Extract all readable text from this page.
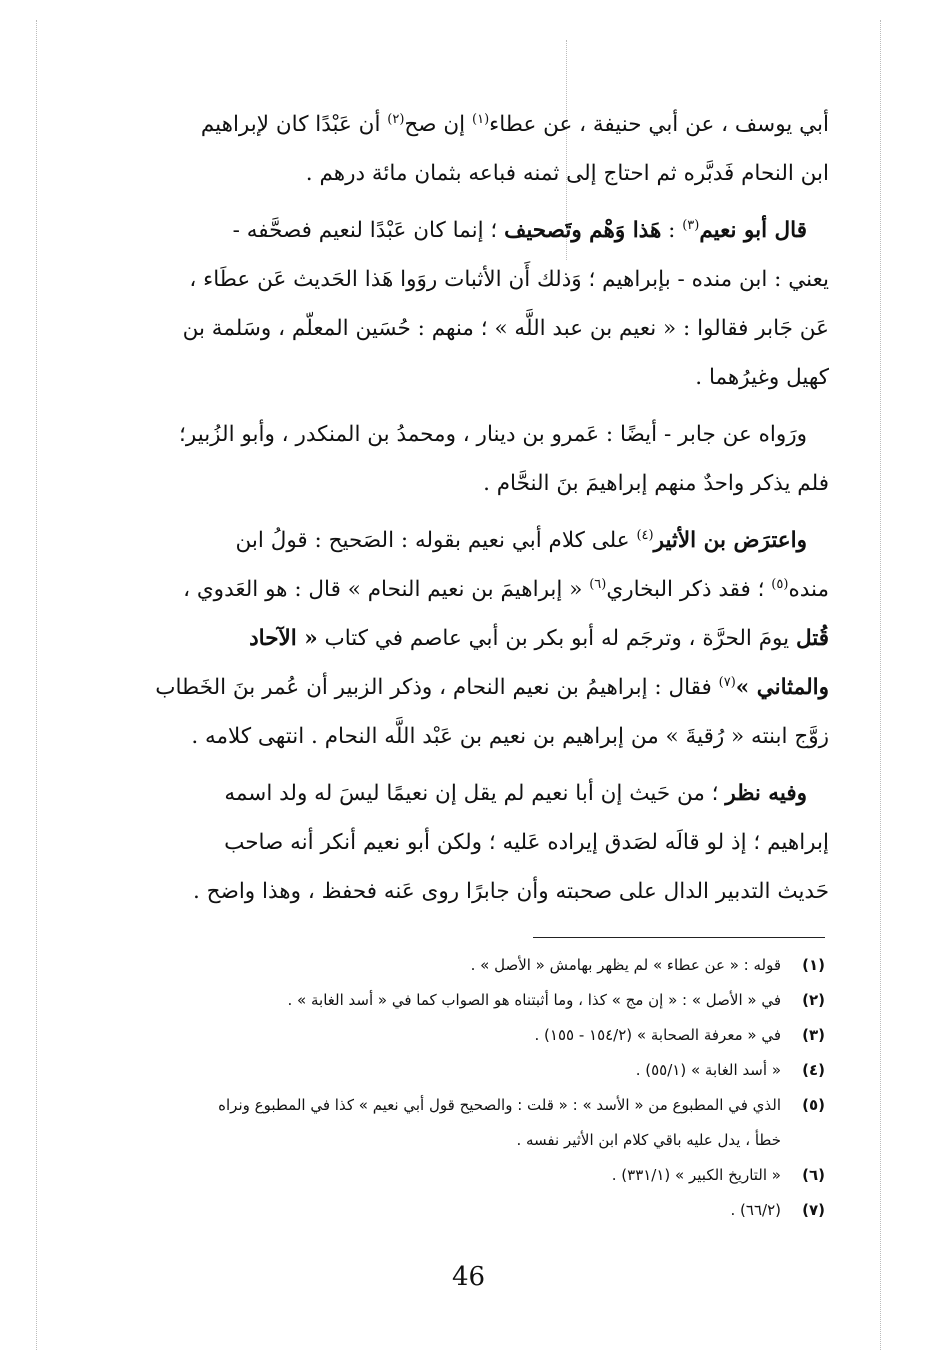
أبي يوسف ، عن أبي حنيفة ، عن عطاء$^{(١)}$ إن صح$^{(٢)}$ أن عَبْدًا كان لإبراهيم

ابن النحام فَدبَّره ثم احتاج إلى ثمنه فباعه بثمان مائة درهم .

قال أبو نعيم$^{(٣)}$ : هَذا وَهْم وتَصحيف ؛ إنما كان عَبْدًا لنعيم فصحَّفه -

يعني : ابن منده - بإبراهيم ؛ وَذلك أَن الأثبات روَوا هَذا الحَديث عَن عطَاء ،

عَن جَابر فقالوا : « نعيم بن عبد اللَّه » ؛ منهم : حُسَين المعلّم ، وسَلمة بن

كهيل وغيرُهما .

ورَواه عن جابر - أيضًا : عَمرو بن دينار ، ومحمدُ بن المنكدر ، وأبو الزُبير؛

فلم يذكر واحدٌ منهم إبراهيمَ بنَ النحَّام .

واعترَض بن الأثير$^{(٤)}$ على كلام أبي نعيم بقوله : الصَحيح : قولُ ابن

منده$^{(٥)}$ ؛ فقد ذكر البخاري$^{(٦)}$ « إبراهيمَ بن نعيم النحام » قال : هو العَدوي ،

قُتل يومَ الحرَّة ، وترجَم له أبو بكر بن أبي عاصم في كتاب « الآحاد

والمثاني »$^{(٧)}$ فقال : إبراهيمُ بن نعيم النحام ، وذكر الزبير أن عُمر بنَ الخَطاب

زوَّج ابنته « رُقيةَ » من إبراهيم بن نعيم بن عَبْد اللَّه النحام . انتهى كلامه .

وفيه نظر ؛ من حَيث إن أبا نعيم لم يقل إن نعيمًا ليسَ له ولد اسمه

إبراهيم ؛ إذ لو قالَه لصَدق إيراده عَليه ؛ ولكن أبو نعيم أنكر أنه صاحب

حَديث التدبير الدال على صحبته وأن جابرًا روى عَنه فحفظ ، وهذا واضح .

(١)
قوله : « عن عطاء » لم يظهر بهامش « الأصل » .
(٢)
في « الأصل » : « إن مج » كذا ، وما أثبتناه هو الصواب كما في « أسد الغابة » .
(٣)
في « معرفة الصحابة » (١٥٤/٢ - ١٥٥) .
(٤)
« أسد الغابة » (٥٥/١) .
(٥)
الذي في المطبوع من « الأسد » : « قلت : والصحيح قول أبي نعيم » كذا في المطبوع ونراه
خطأ ، يدل عليه باقي كلام ابن الأثير نفسه .
(٦)
« التاريخ الكبير » (٣٣١/١) .
(٧)
(٦٦/٢) .
46
